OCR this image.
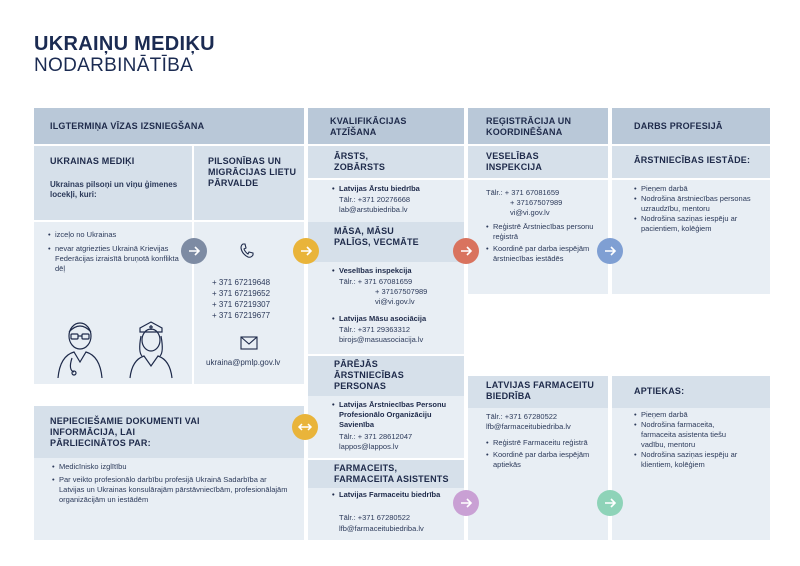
UKRAIŅU MEDIĶU
NODARBINĀTĪBA
ILGTERMIŅA VĪZAS IZSNIEGŠANA
UKRAINAS MEDIĶI
Ukrainas pilsoņi un viņu ģimenes locekļi, kuri:
• izceļo no Ukrainas
• nevar atgriezties Ukrainā Krievijas Federācijas izraisītā bruņotā konflikta dēļ
PILSONĪBAS UN MIGRĀCIJAS LIETU PĀRVALDE
+ 371 67219648
+ 371 67219652
+ 371 67219307
+ 371 67219677
ukraina@pmlp.gov.lv
NEPIECIEŠAMIE DOKUMENTI VAI INFORMĀCIJA, LAI PĀRLIECINĀTOS PAR:
• Medicīnisko izglītību
• Par veikto profesionālo darbību profesijā Ukrainā Sadarbība ar Latvijas un Ukrainas konsulārajām pārstāvniecībām, profesionālajām organizācijām un iestādēm
KVALIFIKĀCIJAS ATZĪŠANA
ĀRSTS, ZOBĀRSTS
• Latvijas Ārstu biedrība
Tālr.: +371 20276668
lab@arstubiedriba.lv
MĀSA, MĀSU PALĪGS, VECMĀTE
• Veselības inspekcija
Tālr.: + 371 67081659
+ 37167507989
vi@vi.gov.lv
• Latvijas Māsu asociācija
Tālr.: +371 29363312
birojs@masuasociacija.lv
PĀRĒJĀS ĀRSTNIECĪBAS PERSONAS
• Latvijas Ārstniecības Personu Profesionālo Organizāciju Savienība
Tālr.: + 371 28612047
lappos@lappos.lv
FARMACEITS, FARMACEITA ASISTENTS
• Latvijas Farmaceitu biedrība
Tālr.: +371 67280522
lfb@farmaceitubiedriba.lv
REĢISTRĀCIJA UN KOORDINĒŠANA
VESELĪBAS INSPEKCIJA
Tālr.: + 371 67081659
+ 37167507989
vi@vi.gov.lv
• Reģistrē Ārstniecības personu reģistrā
• Koordinē par darba iespējām ārstniecības iestādēs
LATVIJAS FARMACEITU BIEDRĪBA
Tālr.: +371 67280522
lfb@farmaceitubiedriba.lv
• Reģistrē Farmaceitu reģistrā
• Koordinē par darba iespējām aptiekās
DARBS PROFESIJĀ
ĀRSTNIECĪBAS IESTĀDE:
• Pieņem darbā
• Nodrošina ārstniecības personas uzraudzību, mentoru
• Nodrošina saziņas iespēju ar pacientiem, kolēģiem
APTIEKAS:
• Pieņem darbā
• Nodrošina farmaceita, farmaceita asistenta tiešu vadību, mentoru
• Nodrošina saziņas iespēju ar klientiem, kolēģiem
